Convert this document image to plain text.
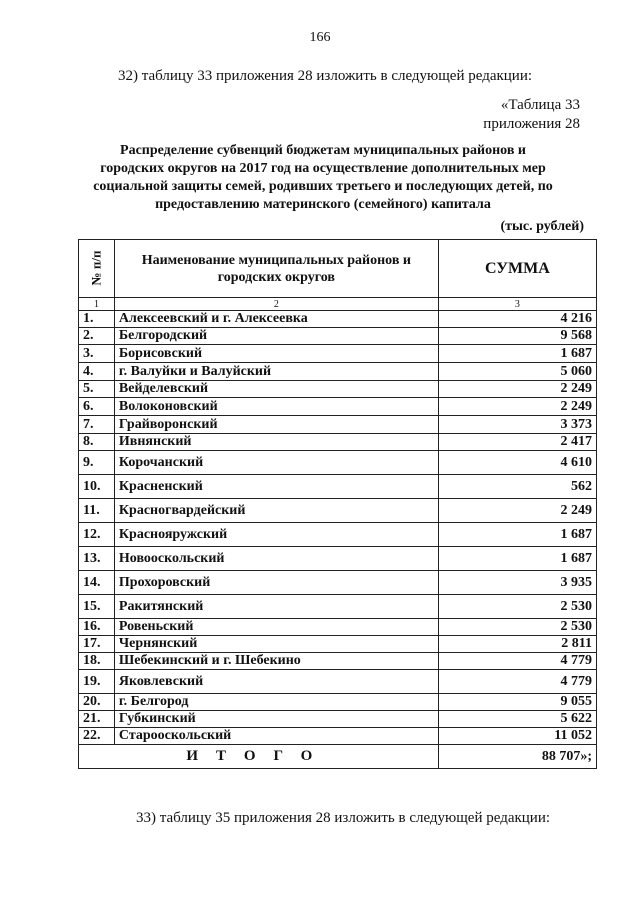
166
32) таблицу 33 приложения 28 изложить в следующей редакции:
«Таблица 33
приложения 28
Распределение субвенций бюджетам муниципальных районов и городских округов на 2017 год на осуществление дополнительных мер социальной защиты семей, родивших третьего и последующих детей, по предоставлению материнского (семейного) капитала
(тыс. рублей)
№ п/п	Наименование муниципальных районов и городских округов	СУММА
1	2	3
1.	Алексеевский и г. Алексеевка	4 216
2.	Белгородский	9 568
3.	Борисовский	1 687
4.	г. Валуйки и Валуйский	5 060
5.	Вейделевский	2 249
6.	Волоконовский	2 249
7.	Грайворонский	3 373
8.	Ивнянский	2 417
9.	Корочанский	4 610
10.	Красненский	562
11.	Красногвардейский	2 249
12.	Краснояружский	1 687
13.	Новооскольский	1 687
14.	Прохоровский	3 935
15.	Ракитянский	2 530
16.	Ровеньский	2 530
17.	Чернянский	2 811
18.	Шебекинский и г. Шебекино	4 779
19.	Яковлевский	4 779
20.	г. Белгород	9 055
21.	Губкинский	5 622
22.	Старооскольский	11 052
ИТОГО		88 707»;
33) таблицу 35 приложения 28 изложить в следующей редакции:
